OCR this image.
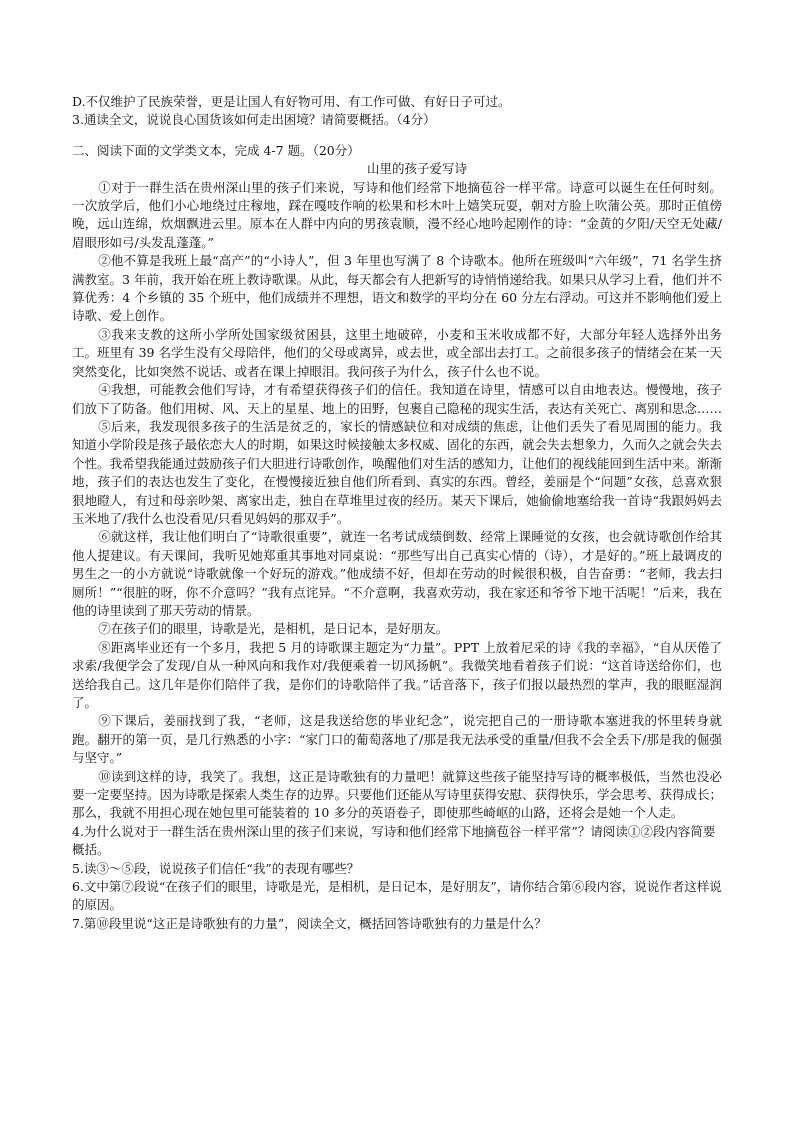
D.不仅维护了民族荣誉，更是让国人有好物可用、有工作可做、有好日子可过。

3.通读全文，说说良心国货该如何走出困境？请简要概括。（4分）

二、阅读下面的文学类文本，完成 4-7 题。（20分）

山里的孩子爱写诗

①对于一群生活在贵州深山里的孩子们来说，写诗和他们经常下地摘苞谷一样平常。诗意可以诞生在任何时刻。一次放学后，他们小心地绕过庄稼地，踩在嘎吱作响的松果和杉木叶上嬉笑玩耍，朝对方脸上吹蒲公英。那时正值傍晚，远山连绵，炊烟飘进云里。原本在人群中内向的男孩袁顺，漫不经心地吟起刚作的诗：“金黄的夕阳/天空无处藏/眉眼形如弓/头发乱蓬蓬。”

②他不算是我班上最“高产”的“小诗人”，但 3 年里也写满了 8 个诗歌本。他所在班级叫“六年级”，71 名学生挤满教室。3 年前，我开始在班上教诗歌课。从此，每天都会有人把新写的诗悄悄递给我。如果只从学习上看，他们并不算优秀：4 个乡镇的 35 个班中，他们成绩并不理想，语文和数学的平均分在 60 分左右浮动。可这并不影响他们爱上诗歌、爱上创作。

③我来支教的这所小学所处国家级贫困县，这里土地破碎，小麦和玉米收成都不好，大部分年轻人选择外出务工。班里有 39 名学生没有父母陪伴，他们的父母或离异，或去世，或全部出去打工。之前很多孩子的情绪会在某一天突然变化，比如突然不说话、或者在课上掉眼泪。我问孩子为什么，孩子什么也不说。

④我想，可能教会他们写诗，才有希望获得孩子们的信任。我知道在诗里，情感可以自由地表达。慢慢地，孩子们放下了防备。他们用树、风、天上的星星、地上的田野，包裹自己隐秘的现实生活，表达有关死亡、离别和思念……

⑤后来，我发现很多孩子的生活是贫乏的，家长的情感缺位和对成绩的焦虑，让他们丢失了看见周围的能力。我知道小学阶段是孩子最依恋大人的时期，如果这时候接触太多权威、固化的东西，就会失去想象力，久而久之就会失去个性。我希望我能通过鼓励孩子们大胆进行诗歌创作，唤醒他们对生活的感知力，让他们的视线能回到生活中来。渐渐地，孩子们的表达也发生了变化，在慢慢接近独自他们所看到、真实的东西。曾经，姜丽是个“问题”女孩，总喜欢狠狠地瞪人，有过和母亲吵架、离家出走，独自在草堆里过夜的经历。某天下课后，她偷偷地塞给我一首诗“我跟妈妈去玉米地了/我什么也没看见/只看见妈妈的那双手”。

⑥就这样，我让他们明白了“诗歌很重要”，就连一名考试成绩倒数、经常上课睡觉的女孩，也会就诗歌创作给其他人提建议。有天课间，我听见她郑重其事地对同桌说：“那些写出自己真实心情的（诗），才是好的。”班上最调皮的男生之一的小方就说“诗歌就像一个好玩的游戏。”他成绩不好，但却在劳动的时候很积极，自告奋勇：“老师，我去扫厕所！”“很脏的呀，你不介意吗？”我有点诧异。“不介意啊，我喜欢劳动，我在家还和爷爷下地干活呢！”后来，我在他的诗里读到了那天劳动的情景。

⑦在孩子们的眼里，诗歌是光，是相机，是日记本，是好朋友。

⑧距离毕业还有一个多月，我把 5 月的诗歌课主题定为“力量”。PPT 上放着尼采的诗《我的幸福》，“自从厌倦了求索/我便学会了发现/自从一种风向和我作对/我便乘着一切风扬帆”。我微笑地看着孩子们说：“这首诗送给你们，也送给我自己。这几年是你们陪伴了我，是你们的诗歌陪伴了我。”话音落下，孩子们报以最热烈的掌声，我的眼眶湿润了。

⑨下课后，姜丽找到了我，“老师，这是我送给您的毕业纪念”，说完把自己的一册诗歌本塞进我的怀里转身就跑。翻开的第一页，是几行熟悉的小字：“家门口的葡萄落地了/那是我无法承受的重量/但我不会全丢下/那是我的倔强与坚守。”

⑩读到这样的诗，我笑了。我想，这正是诗歌独有的力量吧！就算这些孩子能坚持写诗的概率极低，当然也没必要一定要坚持。因为诗歌是探索人类生存的边界。只要他们还能从写诗里获得安慰、获得快乐，学会思考、获得成长；那么，我就不用担心现在她包里可能装着的 10 多分的英语卷子，即使那些崎岖的山路，还将会是她一个人走。

4.为什么说对于一群生活在贵州深山里的孩子们来说，写诗和他们经常下地摘苞谷一样平常”？请阅读①②段内容简要概括。

5.读③～⑤段，说说孩子们信任“我”的表现有哪些？

6.文中第⑦段说“在孩子们的眼里，诗歌是光，是相机，是日记本，是好朋友”，请你结合第⑥段内容，说说作者这样说的原因。

7.第⑩段里说“这正是诗歌独有的力量”，阅读全文，概括回答诗歌独有的力量是什么？
